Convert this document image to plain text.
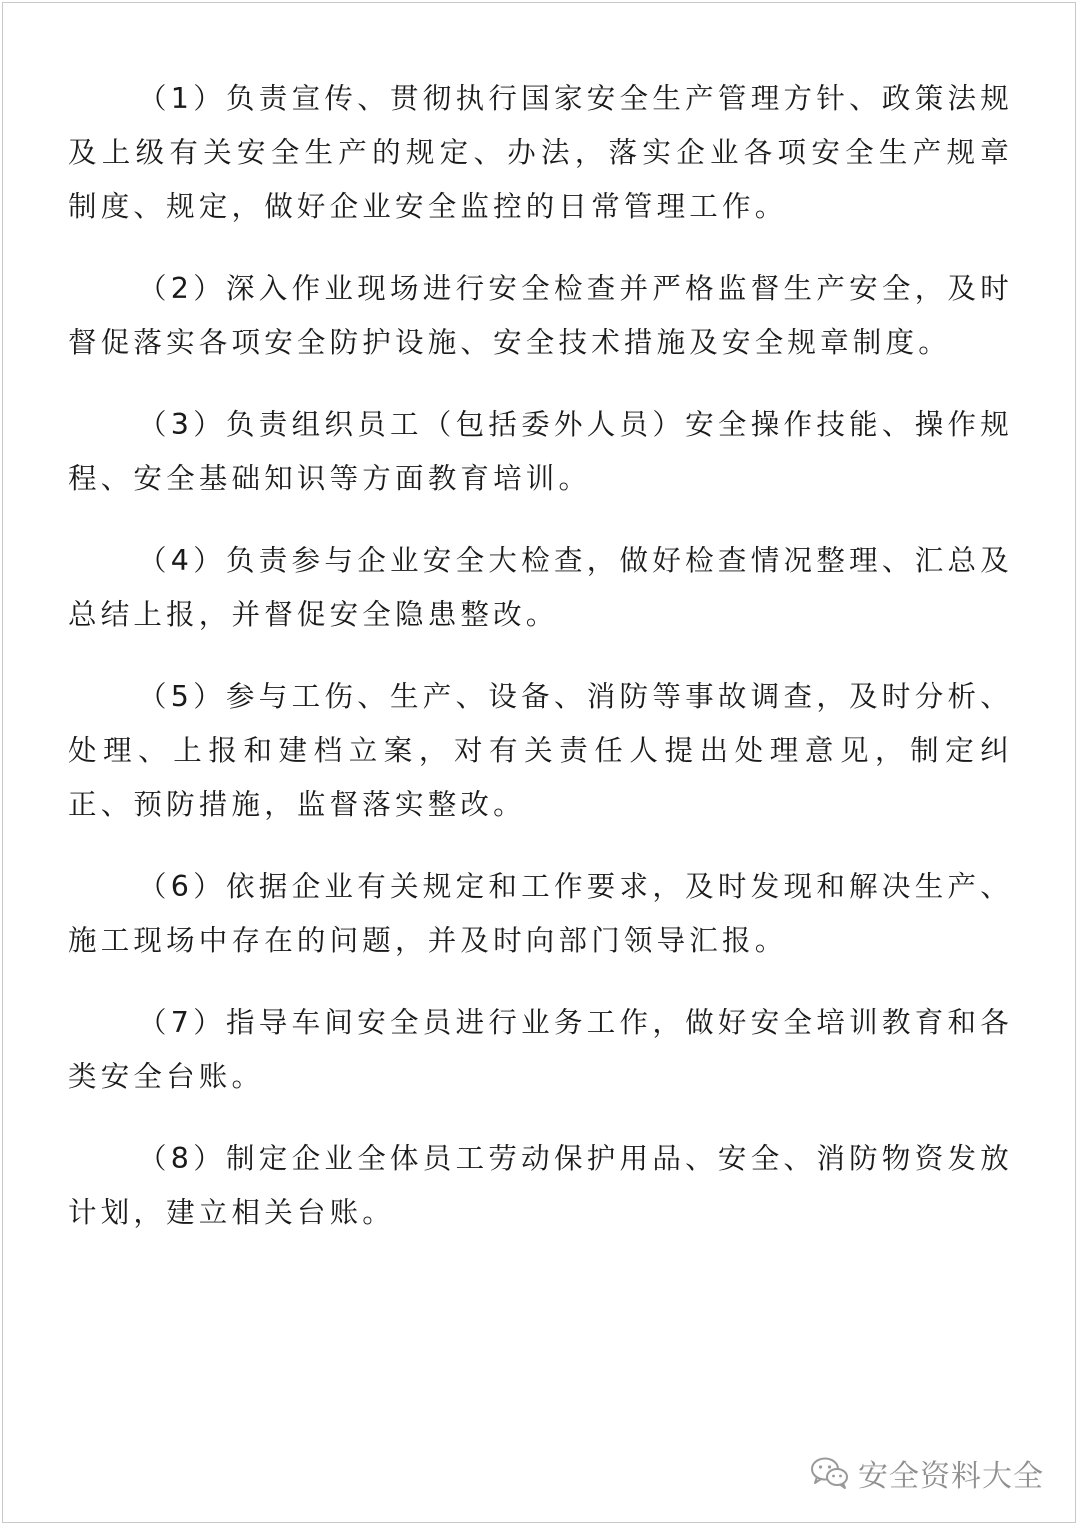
（1）负责宣传、贯彻执行国家安全生产管理方针、政策法规及上级有关安全生产的规定、办法，落实企业各项安全生产规章制度、规定，做好企业安全监控的日常管理工作。

（2）深入作业现场进行安全检查并严格监督生产安全，及时督促落实各项安全防护设施、安全技术措施及安全规章制度。

（3）负责组织员工（包括委外人员）安全操作技能、操作规程、安全基础知识等方面教育培训。

（4）负责参与企业安全大检查，做好检查情况整理、汇总及总结上报，并督促安全隐患整改。

（5）参与工伤、生产、设备、消防等事故调查，及时分析、处理、上报和建档立案，对有关责任人提出处理意见，制定纠正、预防措施，监督落实整改。

（6）依据企业有关规定和工作要求，及时发现和解决生产、施工现场中存在的问题，并及时向部门领导汇报。

（7）指导车间安全员进行业务工作，做好安全培训教育和各类安全台账。

（8）制定企业全体员工劳动保护用品、安全、消防物资发放计划，建立相关台账。

安全资料大全
